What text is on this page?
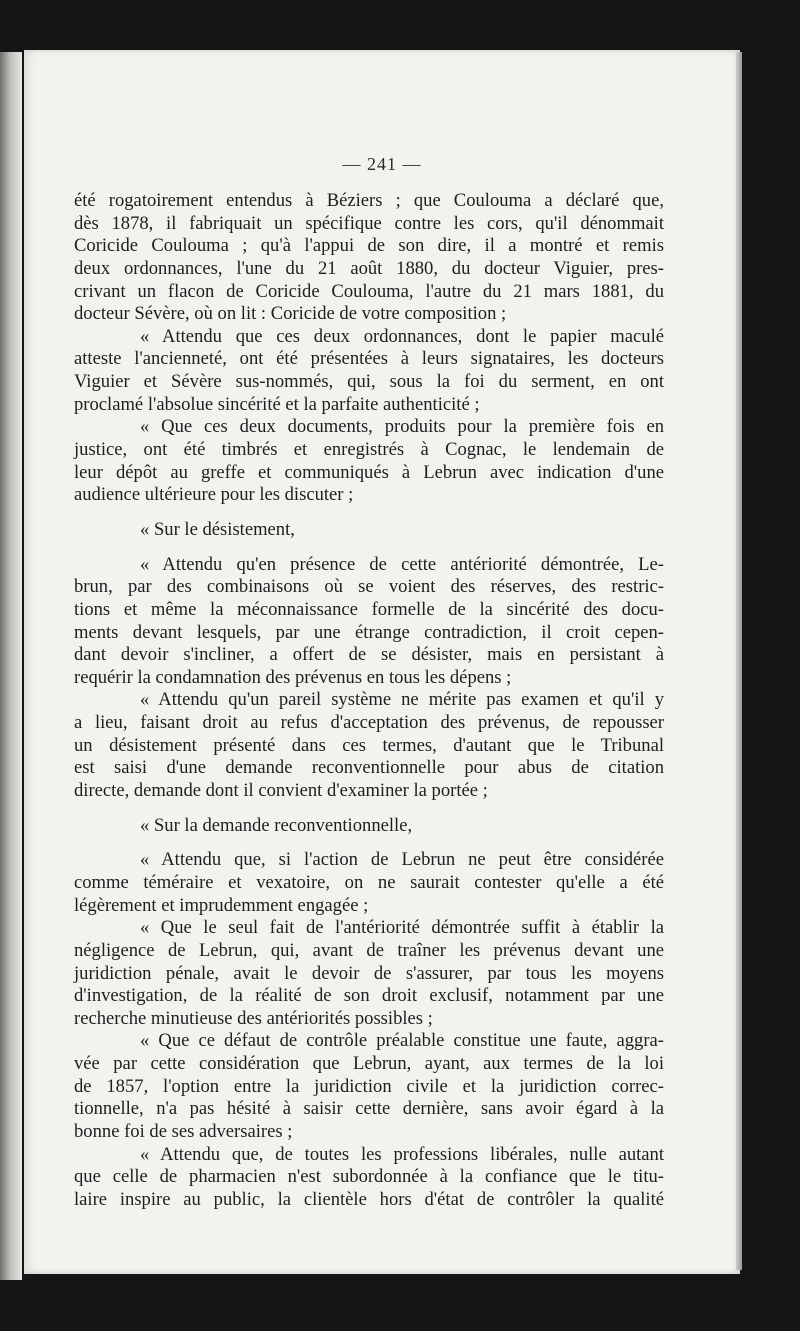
— 241 —
été rogatoirement entendus à Béziers ; que Coulouma a déclaré que,
dès 1878, il fabriquait un spécifique contre les cors, qu'il dénommait
Coricide Coulouma ; qu'à l'appui de son dire, il a montré et remis
deux ordonnances, l'une du 21 août 1880, du docteur Viguier, pres-
crivant un flacon de Coricide Coulouma, l'autre du 21 mars 1881, du
docteur Sévère, où on lit : Coricide de votre composition ;
« Attendu que ces deux ordonnances, dont le papier maculé
atteste l'ancienneté, ont été présentées à leurs signataires, les docteurs
Viguier et Sévère sus-nommés, qui, sous la foi du serment, en ont
proclamé l'absolue sincérité et la parfaite authenticité ;
« Que ces deux documents, produits pour la première fois en
justice, ont été timbrés et enregistrés à Cognac, le lendemain de
leur dépôt au greffe et communiqués à Lebrun avec indication d'une
audience ultérieure pour les discuter ;
« Sur le désistement,
« Attendu qu'en présence de cette antériorité démontrée, Le-
brun, par des combinaisons où se voient des réserves, des restric-
tions et même la méconnaissance formelle de la sincérité des docu-
ments devant lesquels, par une étrange contradiction, il croit cepen-
dant devoir s'incliner, a offert de se désister, mais en persistant à
requérir la condamnation des prévenus en tous les dépens ;
« Attendu qu'un pareil système ne mérite pas examen et qu'il y
a lieu, faisant droit au refus d'acceptation des prévenus, de repousser
un désistement présenté dans ces termes, d'autant que le Tribunal
est saisi d'une demande reconventionnelle pour abus de citation
directe, demande dont il convient d'examiner la portée ;
« Sur la demande reconventionnelle,
« Attendu que, si l'action de Lebrun ne peut être considérée
comme téméraire et vexatoire, on ne saurait contester qu'elle a été
légèrement et imprudemment engagée ;
« Que le seul fait de l'antériorité démontrée suffit à établir la
négligence de Lebrun, qui, avant de traîner les prévenus devant une
juridiction pénale, avait le devoir de s'assurer, par tous les moyens
d'investigation, de la réalité de son droit exclusif, notamment par une
recherche minutieuse des antériorités possibles ;
« Que ce défaut de contrôle préalable constitue une faute, aggra-
vée par cette considération que Lebrun, ayant, aux termes de la loi
de 1857, l'option entre la juridiction civile et la juridiction correc-
tionnelle, n'a pas hésité à saisir cette dernière, sans avoir égard à la
bonne foi de ses adversaires ;
« Attendu que, de toutes les professions libérales, nulle autant
que celle de pharmacien n'est subordonnée à la confiance que le titu-
laire inspire au public, la clientèle hors d'état de contrôler la qualité
